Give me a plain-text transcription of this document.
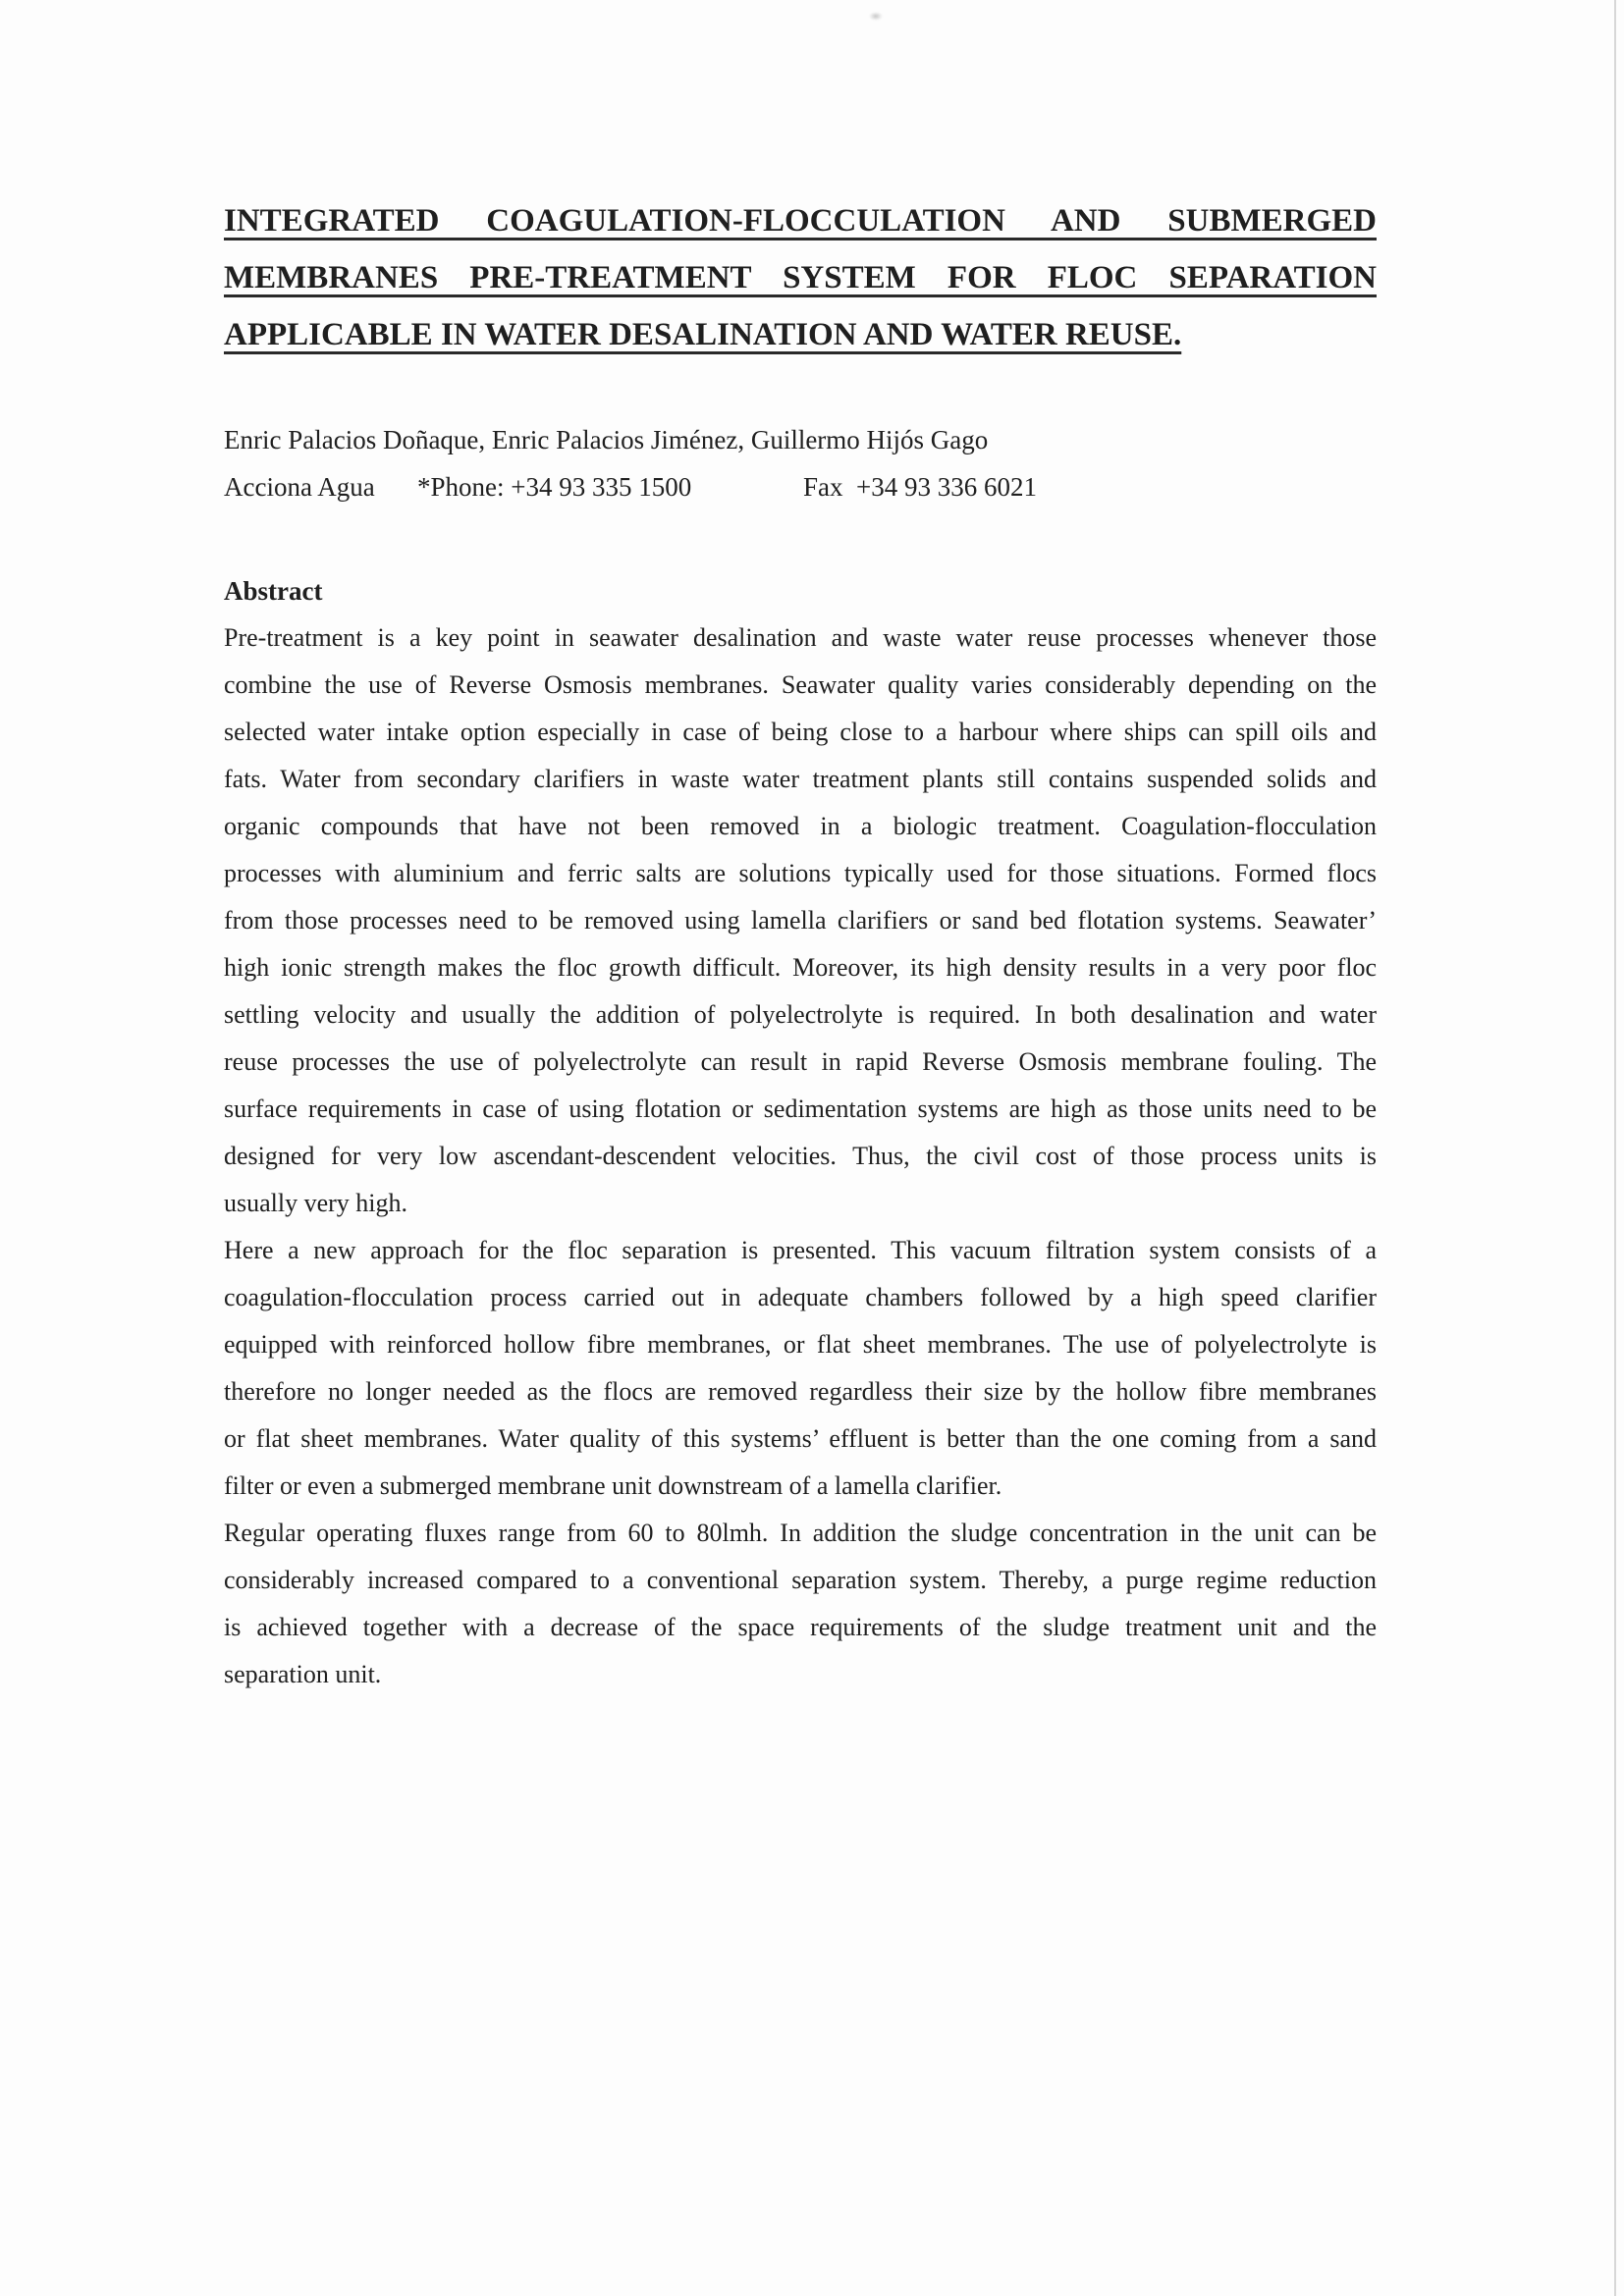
INTEGRATED COAGULATION-FLOCCULATION AND SUBMERGED
MEMBRANES PRE-TREATMENT SYSTEM FOR FLOC SEPARATION
APPLICABLE IN WATER DESALINATION AND WATER REUSE.
Enric Palacios Doñaque, Enric Palacios Jiménez, Guillermo Hijós Gago
Acciona Agua *Phone: +34 93 335 1500	Fax  +34 93 336 6021
Abstract
Pre-treatment is a key point in seawater desalination and waste water reuse processes whenever those
combine the use of Reverse Osmosis membranes. Seawater quality varies considerably depending on the
selected water intake option especially in case of being close to a harbour where ships can spill oils and
fats. Water from secondary clarifiers in waste water treatment plants still contains suspended solids and
organic compounds that have not been removed in a biologic treatment. Coagulation-flocculation
processes with aluminium and ferric salts are solutions typically used for those situations. Formed flocs
from those processes need to be removed using lamella clarifiers or sand bed flotation systems. Seawater’
high ionic strength makes the floc growth difficult. Moreover, its high density results in a very poor floc
settling velocity and usually the addition of polyelectrolyte is required. In both desalination and water
reuse processes the use of polyelectrolyte can result in rapid Reverse Osmosis membrane fouling. The
surface requirements in case of using flotation or sedimentation systems are high as those units need to be
designed for very low ascendant-descendent velocities. Thus, the civil cost of those process units is
usually very high.
Here a new approach for the floc separation is presented. This vacuum filtration system consists of a
coagulation-flocculation process carried out in adequate chambers followed by a high speed clarifier
equipped with reinforced hollow fibre membranes, or flat sheet membranes. The use of polyelectrolyte is
therefore no longer needed as the flocs are removed regardless their size by the hollow fibre membranes
or flat sheet membranes. Water quality of this systems’ effluent is better than the one coming from a sand
filter or even a submerged membrane unit downstream of a lamella clarifier.
Regular operating fluxes range from 60 to 80lmh. In addition the sludge concentration in the unit can be
considerably increased compared to a conventional separation system. Thereby, a purge regime reduction
is achieved together with a decrease of the space requirements of the sludge treatment unit and the
separation unit.
